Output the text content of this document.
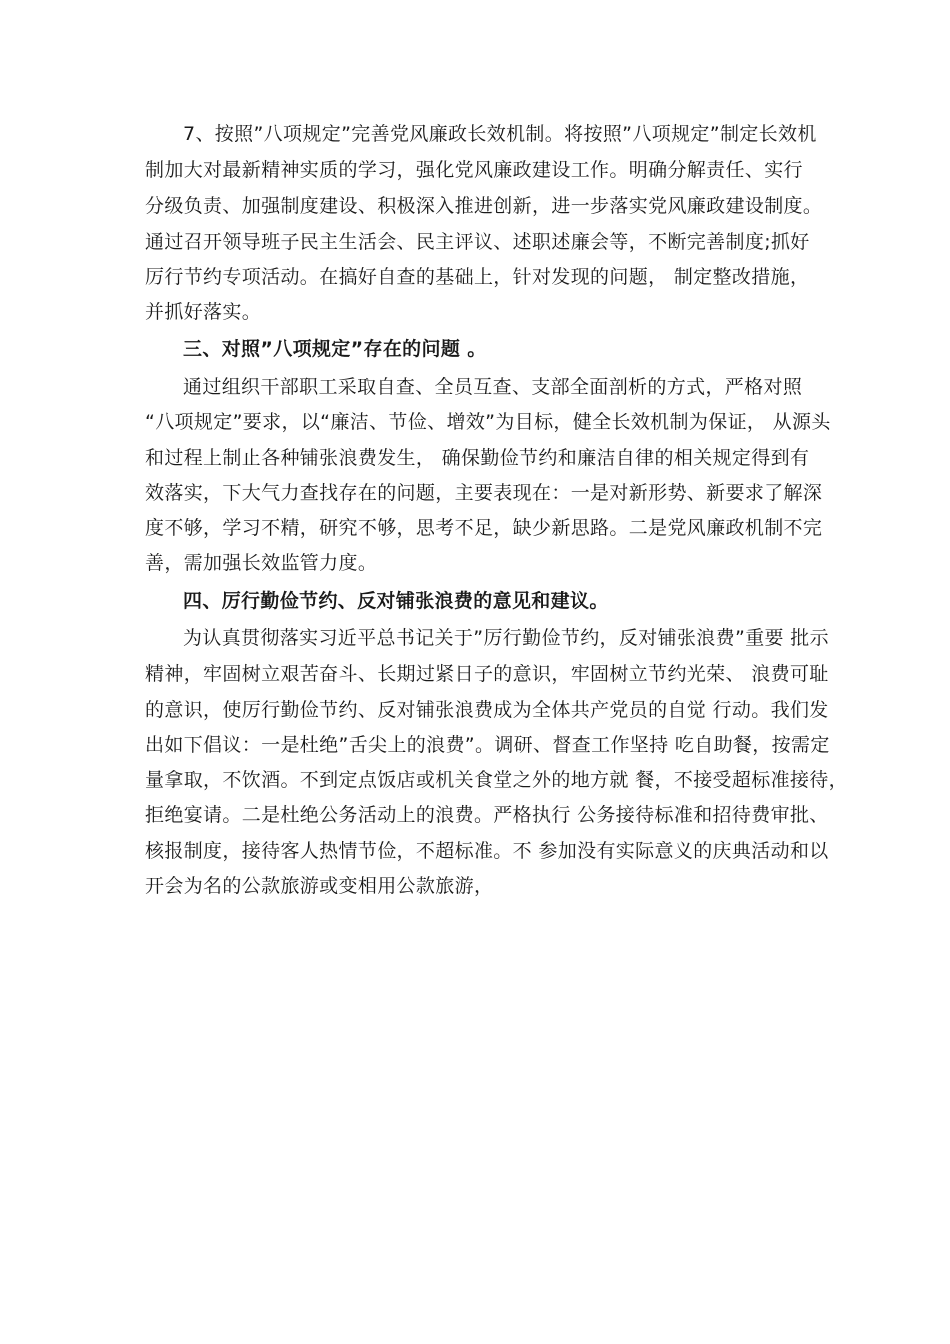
7、按照”八项规定”完善党风廉政长效机制。将按照”八项规定”制定长效机
制加大对最新精神实质的学习，强化党风廉政建设工作。明确分解责任、实行
分级负责、加强制度建设、积极深入推进创新，进一步落实党风廉政建设制度。
通过召开领导班子民主生活会、民主评议、述职述廉会等，不断完善制度;抓好
厉行节约专项活动。在搞好自查的基础上，针对发现的问题， 制定整改措施，
并抓好落实。
三、对照”八项规定”存在的问题 。
通过组织干部职工采取自查、全员互查、支部全面剖析的方式，严格对照
“八项规定”要求，以“廉洁、节俭、增效”为目标，健全长效机制为保证， 从源头
和过程上制止各种铺张浪费发生， 确保勤俭节约和廉洁自律的相关规定得到有
效落实，下大气力查找存在的问题，主要表现在：一是对新形势、新要求了解深
度不够，学习不精，研究不够，思考不足，缺少新思路。二是党风廉政机制不完
善，需加强长效监管力度。
四、厉行勤俭节约、反对铺张浪费的意见和建议。
为认真贯彻落实习近平总书记关于”厉行勤俭节约，反对铺张浪费”重要 批示
精神，牢固树立艰苦奋斗、长期过紧日子的意识，牢固树立节约光荣、 浪费可耻
的意识，使厉行勤俭节约、反对铺张浪费成为全体共产党员的自觉 行动。我们发
出如下倡议：一是杜绝”舌尖上的浪费”。调研、督查工作坚持 吃自助餐，按需定
量拿取，不饮酒。不到定点饭店或机关食堂之外的地方就 餐，不接受超标准接待，
拒绝宴请。二是杜绝公务活动上的浪费。严格执行 公务接待标准和招待费审批、
核报制度，接待客人热情节俭，不超标准。不 参加没有实际意义的庆典活动和以
开会为名的公款旅游或变相用公款旅游，
